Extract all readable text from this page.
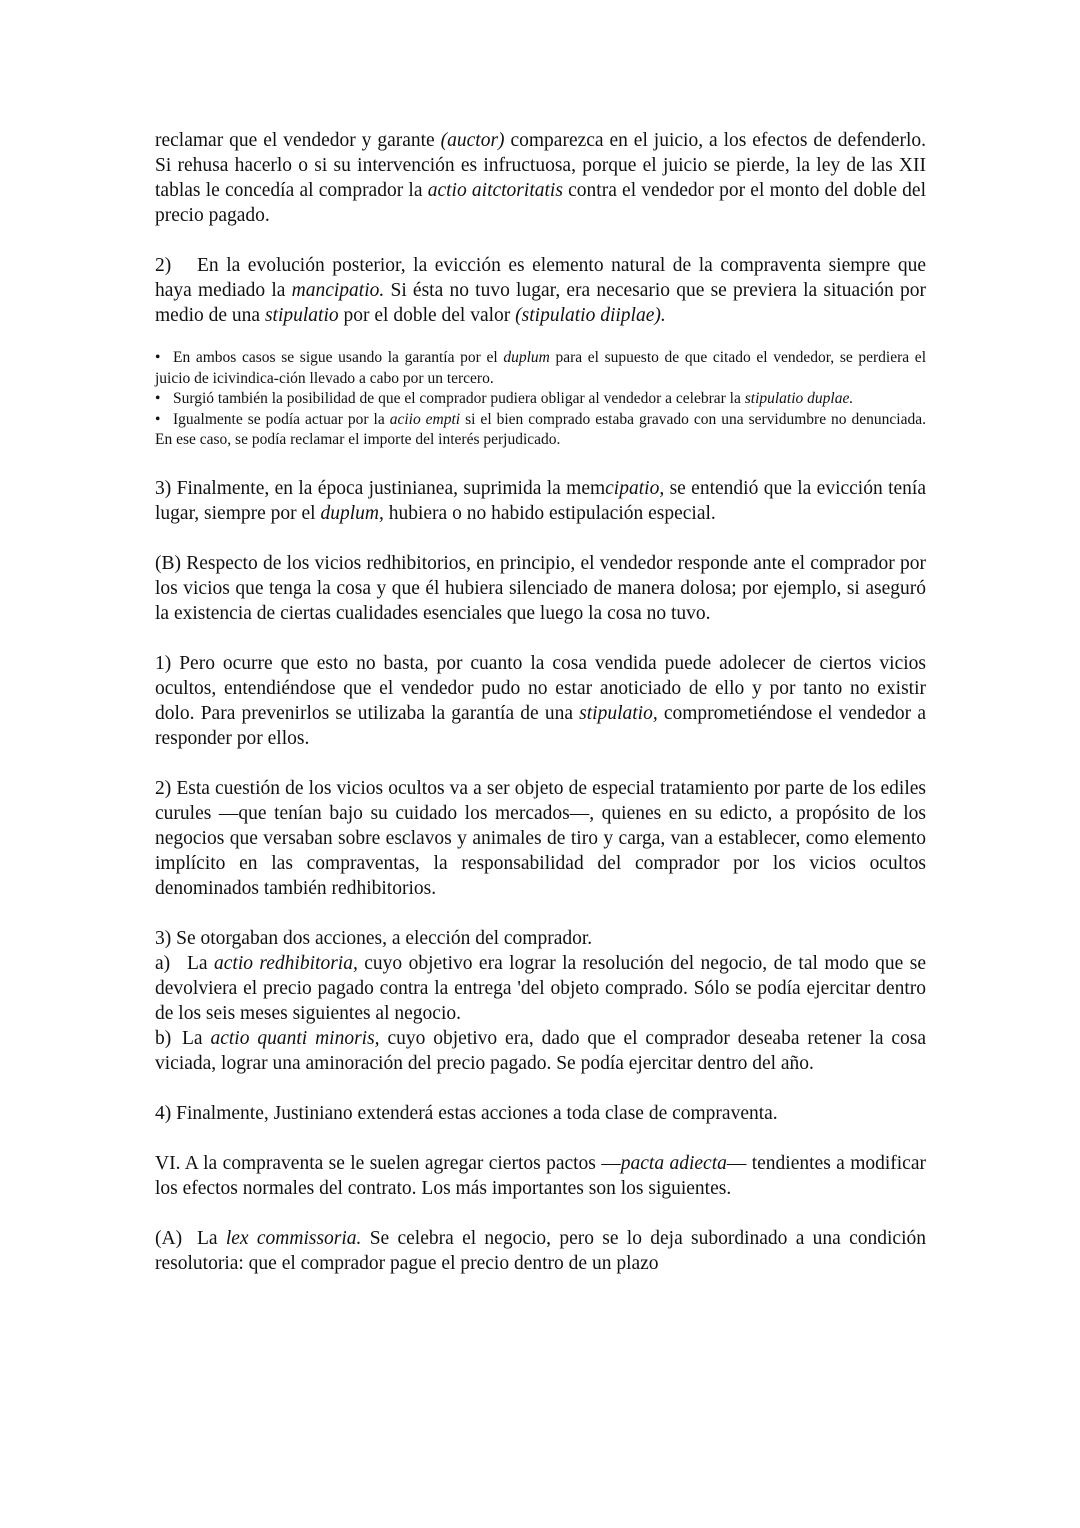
reclamar que el vendedor y garante (auctor) comparezca en el juicio, a los efectos de defenderlo. Si rehusa hacerlo o si su intervención es infructuosa, porque el juicio se pierde, la ley de las XII tablas le concedía al comprador la actio aitctoritatis contra el vendedor por el monto del doble del precio pagado.

2) En la evolución posterior, la evicción es elemento natural de la compraventa siempre que haya mediado la mancipatio. Si ésta no tuvo lugar, era necesario que se previera la situación por medio de una stipulatio por el doble del valor (stipulatio diiplae).

• En ambos casos se sigue usando la garantía por el duplum para el supuesto de que citado el vendedor, se perdiera el juicio de icivindica-ción llevado a cabo por un tercero.

• Surgió también la posibilidad de que el comprador pudiera obligar al vendedor a celebrar la stipulatio duplae.

• Igualmente se podía actuar por la aciio empti si el bien comprado estaba gravado con una servidumbre no denunciada. En ese caso, se podía reclamar el importe del interés perjudicado.

3) Finalmente, en la época justinianea, suprimida la memcipatio, se entendió que la evicción tenía lugar, siempre por el duplum, hubiera o no habido estipulación especial.

(B) Respecto de los vicios redhibitorios, en principio, el vendedor responde ante el comprador por los vicios que tenga la cosa y que él hubiera silenciado de manera dolosa; por ejemplo, si aseguró la existencia de ciertas cualidades esenciales que luego la cosa no tuvo.

1) Pero ocurre que esto no basta, por cuanto la cosa vendida puede adolecer de ciertos vicios ocultos, entendiéndose que el vendedor pudo no estar anoticiado de ello y por tanto no existir dolo. Para prevenirlos se utilizaba la garantía de una stipulatio, comprometiéndose el vendedor a responder por ellos.

2) Esta cuestión de los vicios ocultos va a ser objeto de especial tratamiento por parte de los ediles curules —que tenían bajo su cuidado los mercados—, quienes en su edicto, a propósito de los negocios que versaban sobre esclavos y animales de tiro y carga, van a establecer, como elemento implícito en las compraventas, la responsabilidad del comprador por los vicios ocultos denominados también redhibitorios.

3) Se otorgaban dos acciones, a elección del comprador.

a) La actio redhibitoria, cuyo objetivo era lograr la resolución del negocio, de tal modo que se devolviera el precio pagado contra la entrega 'del objeto comprado. Sólo se podía ejercitar dentro de los seis meses siguientes al negocio.

b) La actio quanti minoris, cuyo objetivo era, dado que el comprador deseaba retener la cosa viciada, lograr una aminoración del precio pagado. Se podía ejercitar dentro del año.

4) Finalmente, Justiniano extenderá estas acciones a toda clase de compraventa.

VI. A la compraventa se le suelen agregar ciertos pactos —pacta adiecta— tendientes a modificar los efectos normales del contrato. Los más importantes son los siguientes.

(A) La lex commissoria. Se celebra el negocio, pero se lo deja subordinado a una condición resolutoria: que el comprador pague el precio dentro de un plazo
